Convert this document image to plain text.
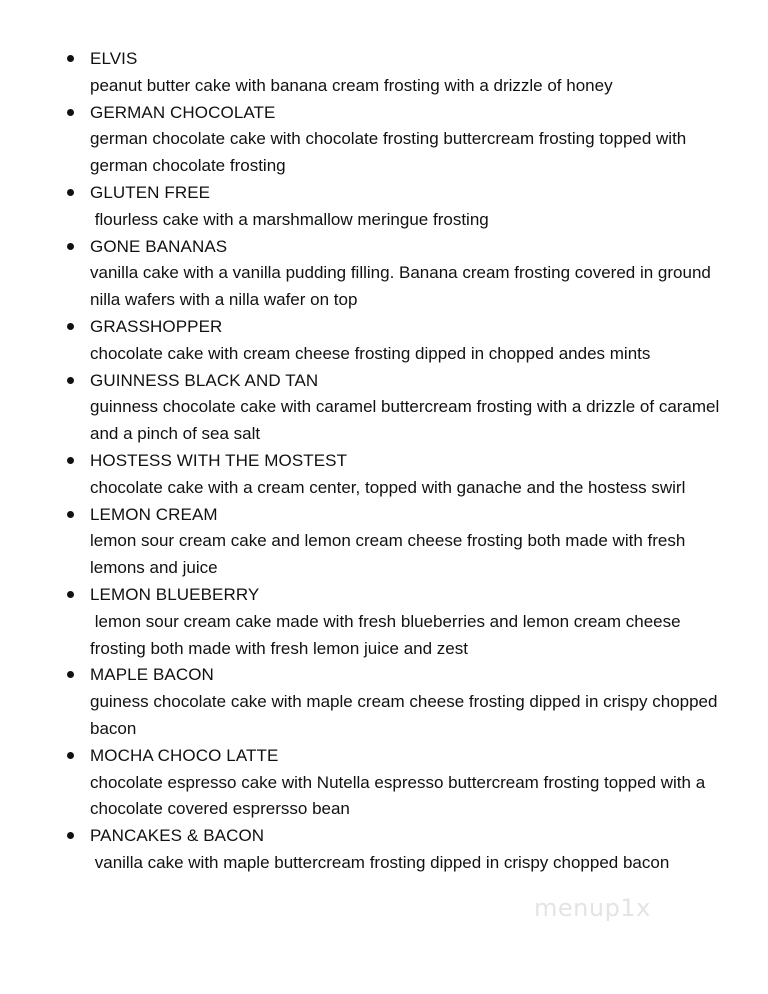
ELVIS
peanut butter cake with banana cream frosting with a drizzle of honey
GERMAN CHOCOLATE
german chocolate cake with chocolate frosting buttercream frosting topped with german chocolate frosting
GLUTEN FREE
flourless cake with a marshmallow meringue frosting
GONE BANANAS
vanilla cake with a vanilla pudding filling. Banana cream frosting covered in ground nilla wafers with a nilla wafer on top
GRASSHOPPER
chocolate cake with cream cheese frosting dipped in chopped andes mints
GUINNESS BLACK AND TAN
guinness chocolate cake with caramel buttercream frosting with a drizzle of caramel and a pinch of sea salt
HOSTESS WITH THE MOSTEST
chocolate cake with a cream center, topped with ganache and the hostess swirl
LEMON CREAM
lemon sour cream cake and lemon cream cheese frosting both made with fresh lemons and juice
LEMON BLUEBERRY
lemon sour cream cake made with fresh blueberries and lemon cream cheese frosting both made with fresh lemon juice and zest
MAPLE BACON
guiness chocolate cake with maple cream cheese frosting dipped in crispy chopped bacon
MOCHA CHOCO LATTE
chocolate espresso cake with Nutella espresso buttercream frosting topped with a chocolate covered esprersso bean
PANCAKES & BACON
vanilla cake with maple buttercream frosting dipped in crispy chopped bacon
menup1x
